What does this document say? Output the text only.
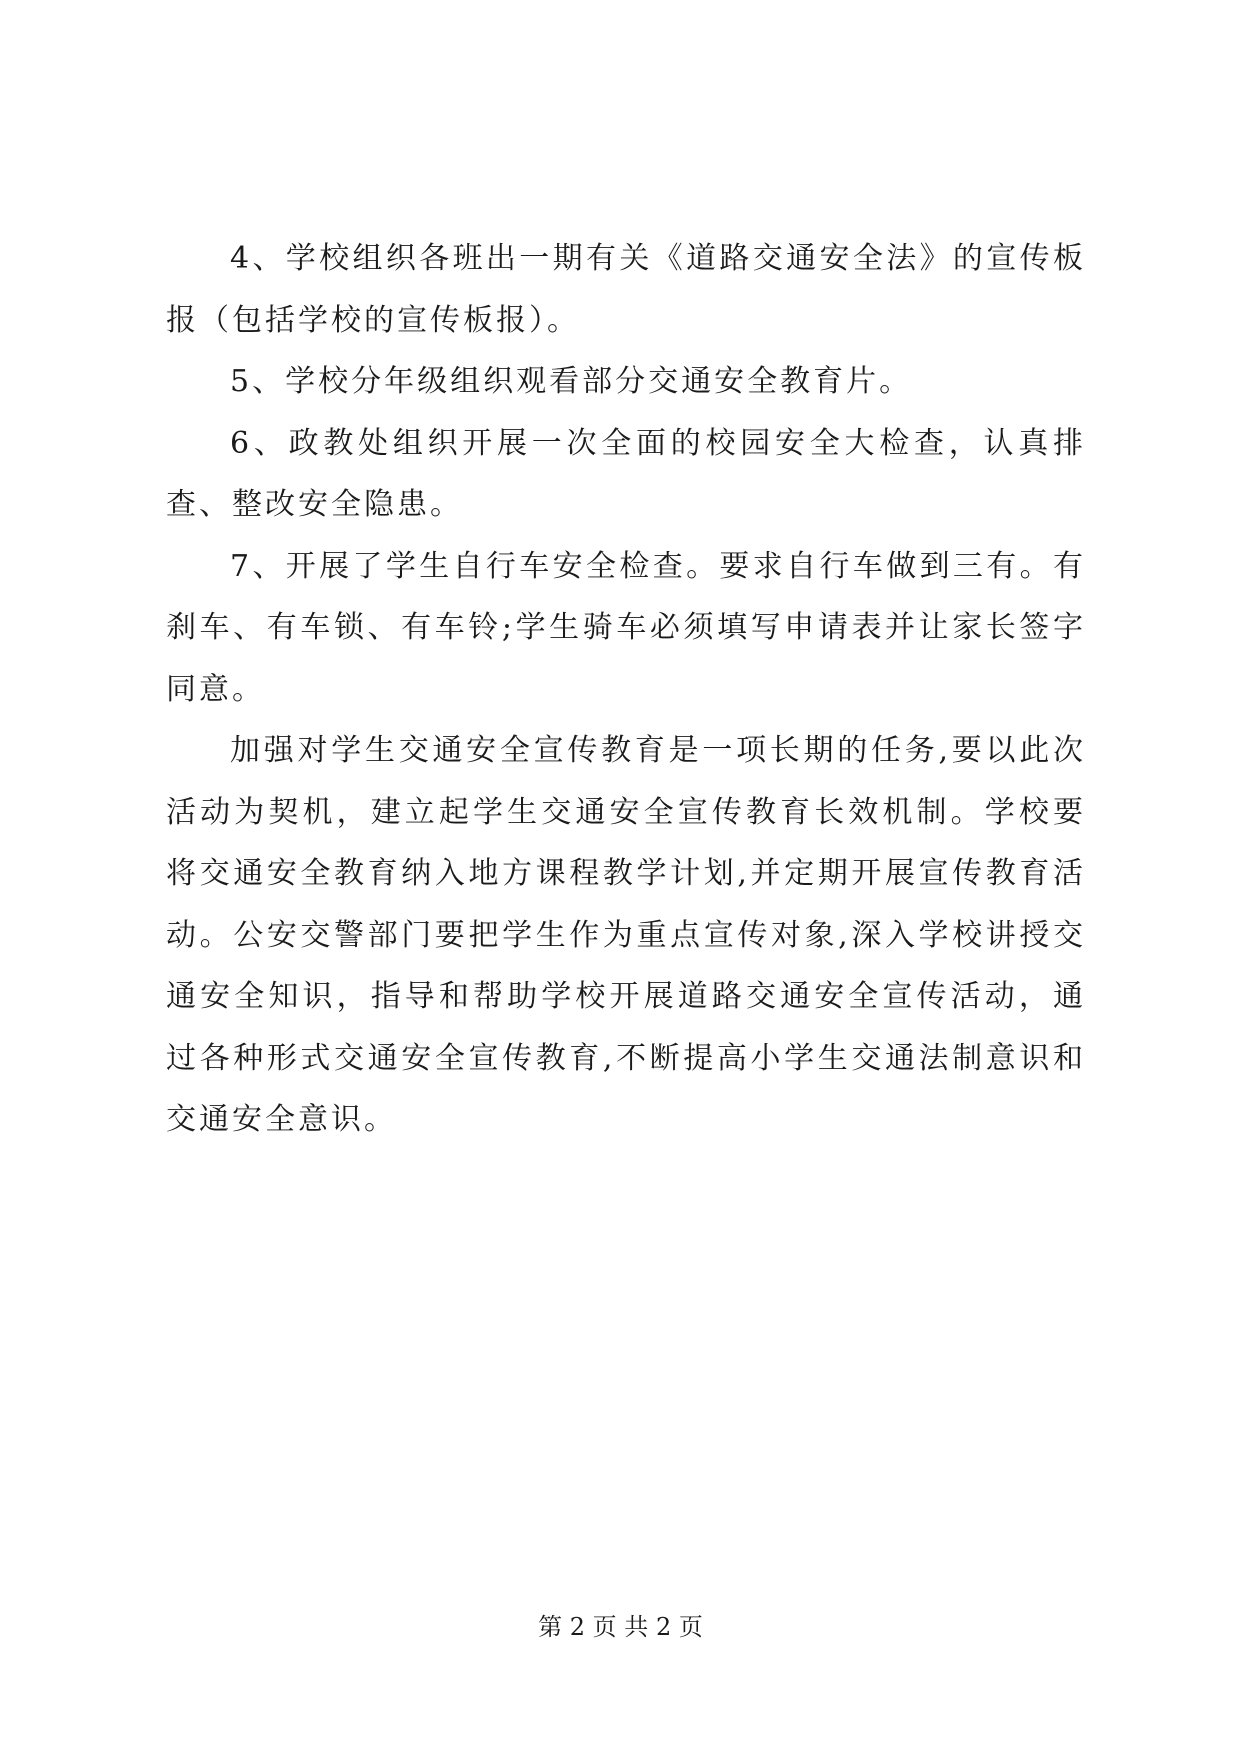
4、学校组织各班出一期有关《道路交通安全法》的宣传板报（包括学校的宣传板报）。

5、学校分年级组织观看部分交通安全教育片。

6、政教处组织开展一次全面的校园安全大检查，认真排查、整改安全隐患。

7、开展了学生自行车安全检查。要求自行车做到三有。有刹车、有车锁、有车铃;学生骑车必须填写申请表并让家长签字同意。

加强对学生交通安全宣传教育是一项长期的任务,要以此次活动为契机，建立起学生交通安全宣传教育长效机制。学校要将交通安全教育纳入地方课程教学计划,并定期开展宣传教育活动。公安交警部门要把学生作为重点宣传对象,深入学校讲授交通安全知识，指导和帮助学校开展道路交通安全宣传活动，通过各种形式交通安全宣传教育,不断提高小学生交通法制意识和交通安全意识。

第 2 页 共 2 页
